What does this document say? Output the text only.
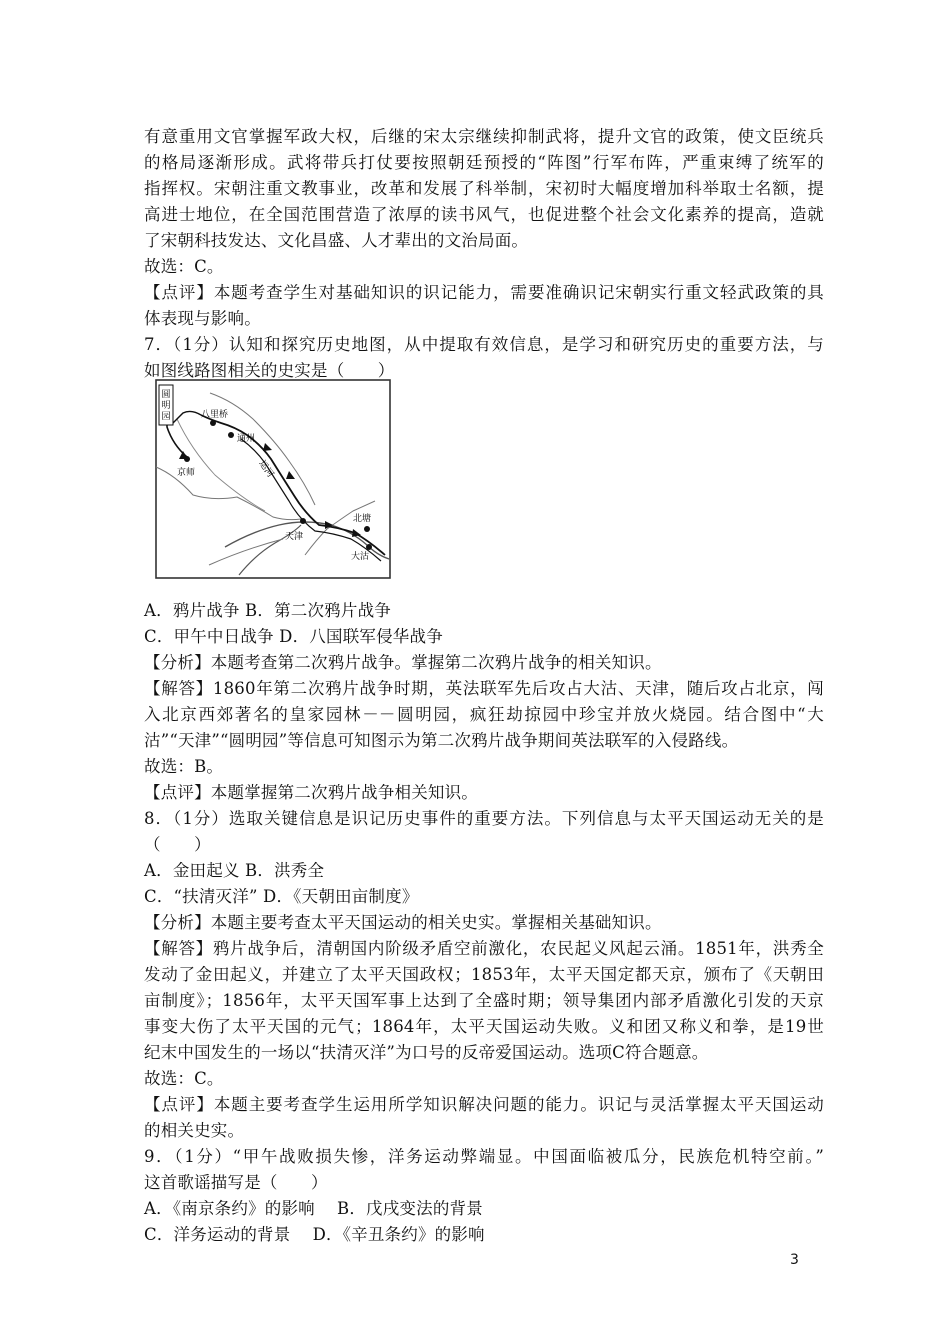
有意重用文官掌握军政大权，后继的宋太宗继续抑制武将，提升文官的政策，使文臣统兵
的格局逐渐形成。武将带兵打仗要按照朝廷预授的“阵图”行军布阵，严重束缚了统军的
指挥权。宋朝注重文教事业，改革和发展了科举制，宋初时大幅度增加科举取士名额，提
高进士地位，在全国范围营造了浓厚的读书风气，也促进整个社会文化素养的提高，造就
了宋朝科技发达、文化昌盛、人才辈出的文治局面。
故选：C。
【点评】本题考查学生对基础知识的识记能力，需要准确识记宋朝实行重文轻武政策的具
体表现与影响。
7．（1分）认知和探究历史地图，从中提取有效信息，是学习和研究历史的重要方法，与
如图线路图相关的史实是（　　）
圆明园	八里桥
京师
通州
运河
北塘
天津
大沽
A．鸦片战争 B．第二次鸦片战争
C．甲午中日战争 D．八国联军侵华战争
【分析】本题考查第二次鸦片战争。掌握第二次鸦片战争的相关知识。
【解答】1860年第二次鸦片战争时期，英法联军先后攻占大沽、天津，随后攻占北京，闯
入北京西郊著名的皇家园林－－圆明园，疯狂劫掠园中珍宝并放火烧园。结合图中“大
沽”“天津”“圆明园”等信息可知图示为第二次鸦片战争期间英法联军的入侵路线。
故选：B。
【点评】本题掌握第二次鸦片战争相关知识。
8．（1分）选取关键信息是识记历史事件的重要方法。下列信息与太平天国运动无关的是
（　　）
A．金田起义 B．洪秀全
C．“扶清灭洋” D．《天朝田亩制度》
【分析】本题主要考查太平天国运动的相关史实。掌握相关基础知识。
【解答】鸦片战争后，清朝国内阶级矛盾空前激化，农民起义风起云涌。1851年，洪秀全
发动了金田起义，并建立了太平天国政权；1853年，太平天国定都天京，颁布了《天朝田
亩制度》；1856年，太平天国军事上达到了全盛时期；领导集团内部矛盾激化引发的天京
事变大伤了太平天国的元气；1864年，太平天国运动失败。义和团又称义和拳，是19世
纪末中国发生的一场以“扶清灭洋”为口号的反帝爱国运动。选项C符合题意。
故选：C。
【点评】本题主要考查学生运用所学知识解决问题的能力。识记与灵活掌握太平天国运动
的相关史实。
9．（1分）“甲午战败损失惨，洋务运动弊端显。中国面临被瓜分，民族危机特空前。”
这首歌谣描写是（　　）
A．《南京条约》的影响　 B．戊戌变法的背景
C．洋务运动的背景　 D．《辛丑条约》的影响
3
